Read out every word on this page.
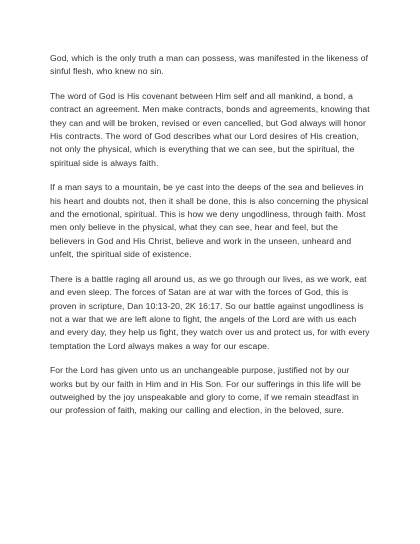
God, which is the only truth a man can possess, was manifested in the likeness of sinful flesh, who knew no sin.

The word of God is His covenant between Him self and all mankind, a bond, a contract an agreement. Men make contracts, bonds and agreements, knowing that they can and will be broken, revised or even cancelled, but God always will honor His contracts. The word of God describes what our Lord desires of His creation, not only the physical, which is everything that we can see, but the spiritual, the spiritual side is always faith.

If a man says to a mountain, be ye cast into the deeps of the sea and believes in his heart and doubts not, then it shall be done, this is also concerning the physical and the emotional, spiritual. This is how we deny ungodliness, through faith. Most men only believe in the physical, what they can see, hear and feel, but the believers in God and His Christ, believe and work in the unseen, unheard and unfelt, the spiritual side of existence.

There is a battle raging all around us, as we go through our lives, as we work, eat and even sleep. The forces of Satan are at war with the forces of God, this is proven in scripture, Dan 10:13-20, 2K 16:17. So our battle against ungodliness is not a war that we are left alone to fight, the angels of the Lord are with us each and every day, they help us fight, they watch over us and protect us, for with every temptation the Lord always makes a way for our escape.

For the Lord has given unto us an unchangeable purpose, justified not by our works but by our faith in Him and in His Son. For our sufferings in this life will be outweighed by the joy unspeakable and glory to come, if we remain steadfast in our profession of faith, making our calling and election, in the beloved, sure.
